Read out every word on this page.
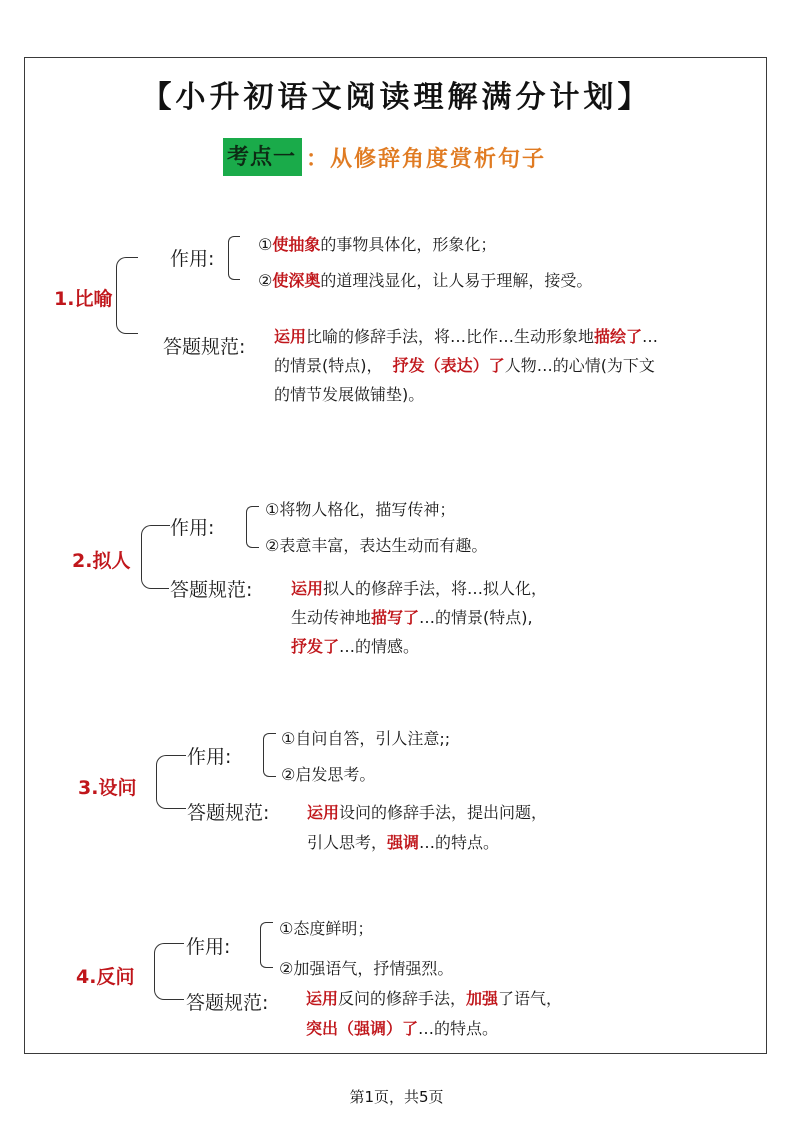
【小升初语文阅读理解满分计划】
考点一 ： 从修辞角度赏析句子
1.比喻
作用:
①使抽象的事物具体化，形象化；
②使深奥的道理浅显化，让人易于理解，接受。
答题规范: 运用比喻的修辞手法，将…比作…生动形象地描绘了…
的情景(特点)，  抒发（表达）了人物…的心情(为下文
的情节发展做铺垫)。
2.拟人
作用:
①将物人格化，描写传神；
②表意丰富，表达生动而有趣。
答题规范: 运用拟人的修辞手法，将…拟人化，
生动传神地描写了…的情景(特点),
抒发了…的情感。
3.设问
作用:
①自问自答，引人注意;;
②启发思考。
答题规范: 运用设问的修辞手法，提出问题，
引人思考，强调…的特点。
4.反问
作用:
①态度鲜明；
②加强语气，抒情强烈。
答题规范: 运用反问的修辞手法，加强了语气，
突出（强调）了…的特点。
第1页，共5页
